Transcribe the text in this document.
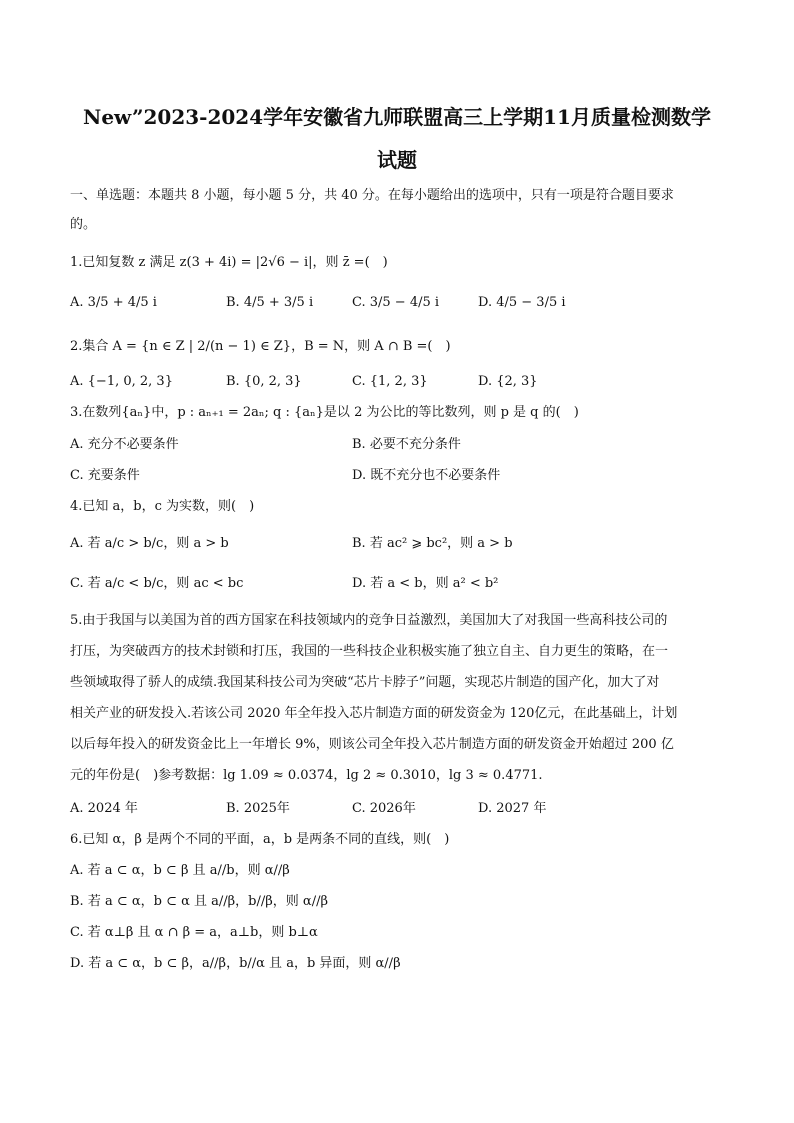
New”2023-2024学年安徽省九师联盟高三上学期11月质量检测数学
试题
一、单选题：本题共 8 小题，每小题 5 分，共 40 分。在每小题给出的选项中，只有一项是符合题目要求
的。
1.已知复数 z 满足 z(3 + 4i) = |2√6 − i|，则 z̄ =(　)
A. 3/5 + 4/5 i	B. 4/5 + 3/5 i	C. 3/5 − 4/5 i	D. 4/5 − 3/5 i
2.集合 A = {n ∈ Z | 2/(n − 1) ∈ Z}，B = N，则 A ∩ B =(　)
A. {−1, 0, 2, 3}	B. {0, 2, 3}	C. {1, 2, 3}	D. {2, 3}
3.在数列{aₙ}中，p : aₙ₊₁ = 2aₙ; q : {aₙ}是以 2 为公比的等比数列，则 p 是 q 的(　)
A. 充分不必要条件	B. 必要不充分条件
C. 充要条件	D. 既不充分也不必要条件
4.已知 a，b，c 为实数，则(　)
A. 若 a/c > b/c，则 a > b	B. 若 ac² ⩾ bc²，则 a > b
C. 若 a/c < b/c，则 ac < bc	D. 若 a < b，则 a² < b²
5.由于我国与以美国为首的西方国家在科技领域内的竞争日益激烈，美国加大了对我国一些高科技公司的
打压，为突破西方的技术封锁和打压，我国的一些科技企业积极实施了独立自主、自力更生的策略，在一
些领域取得了骄人的成绩.我国某科技公司为突破“芯片卡脖子”问题，实现芯片制造的国产化，加大了对
相关产业的研发投入.若该公司 2020 年全年投入芯片制造方面的研发资金为 120亿元，在此基础上，计划
以后每年投入的研发资金比上一年增长 9%，则该公司全年投入芯片制造方面的研发资金开始超过 200 亿
元的年份是(　)参考数据：lg 1.09 ≈ 0.0374，lg 2 ≈ 0.3010，lg 3 ≈ 0.4771.
A. 2024 年	B. 2025年	C. 2026年	D. 2027 年
6.已知 α，β 是两个不同的平面，a，b 是两条不同的直线，则(　)
A. 若 a ⊂ α，b ⊂ β 且 a//b，则 α//β
B. 若 a ⊂ α，b ⊂ α 且 a//β，b//β，则 α//β
C. 若 α⊥β 且 α ∩ β = a，a⊥b，则 b⊥α
D. 若 a ⊂ α，b ⊂ β，a//β，b//α 且 a，b 异面，则 α//β
